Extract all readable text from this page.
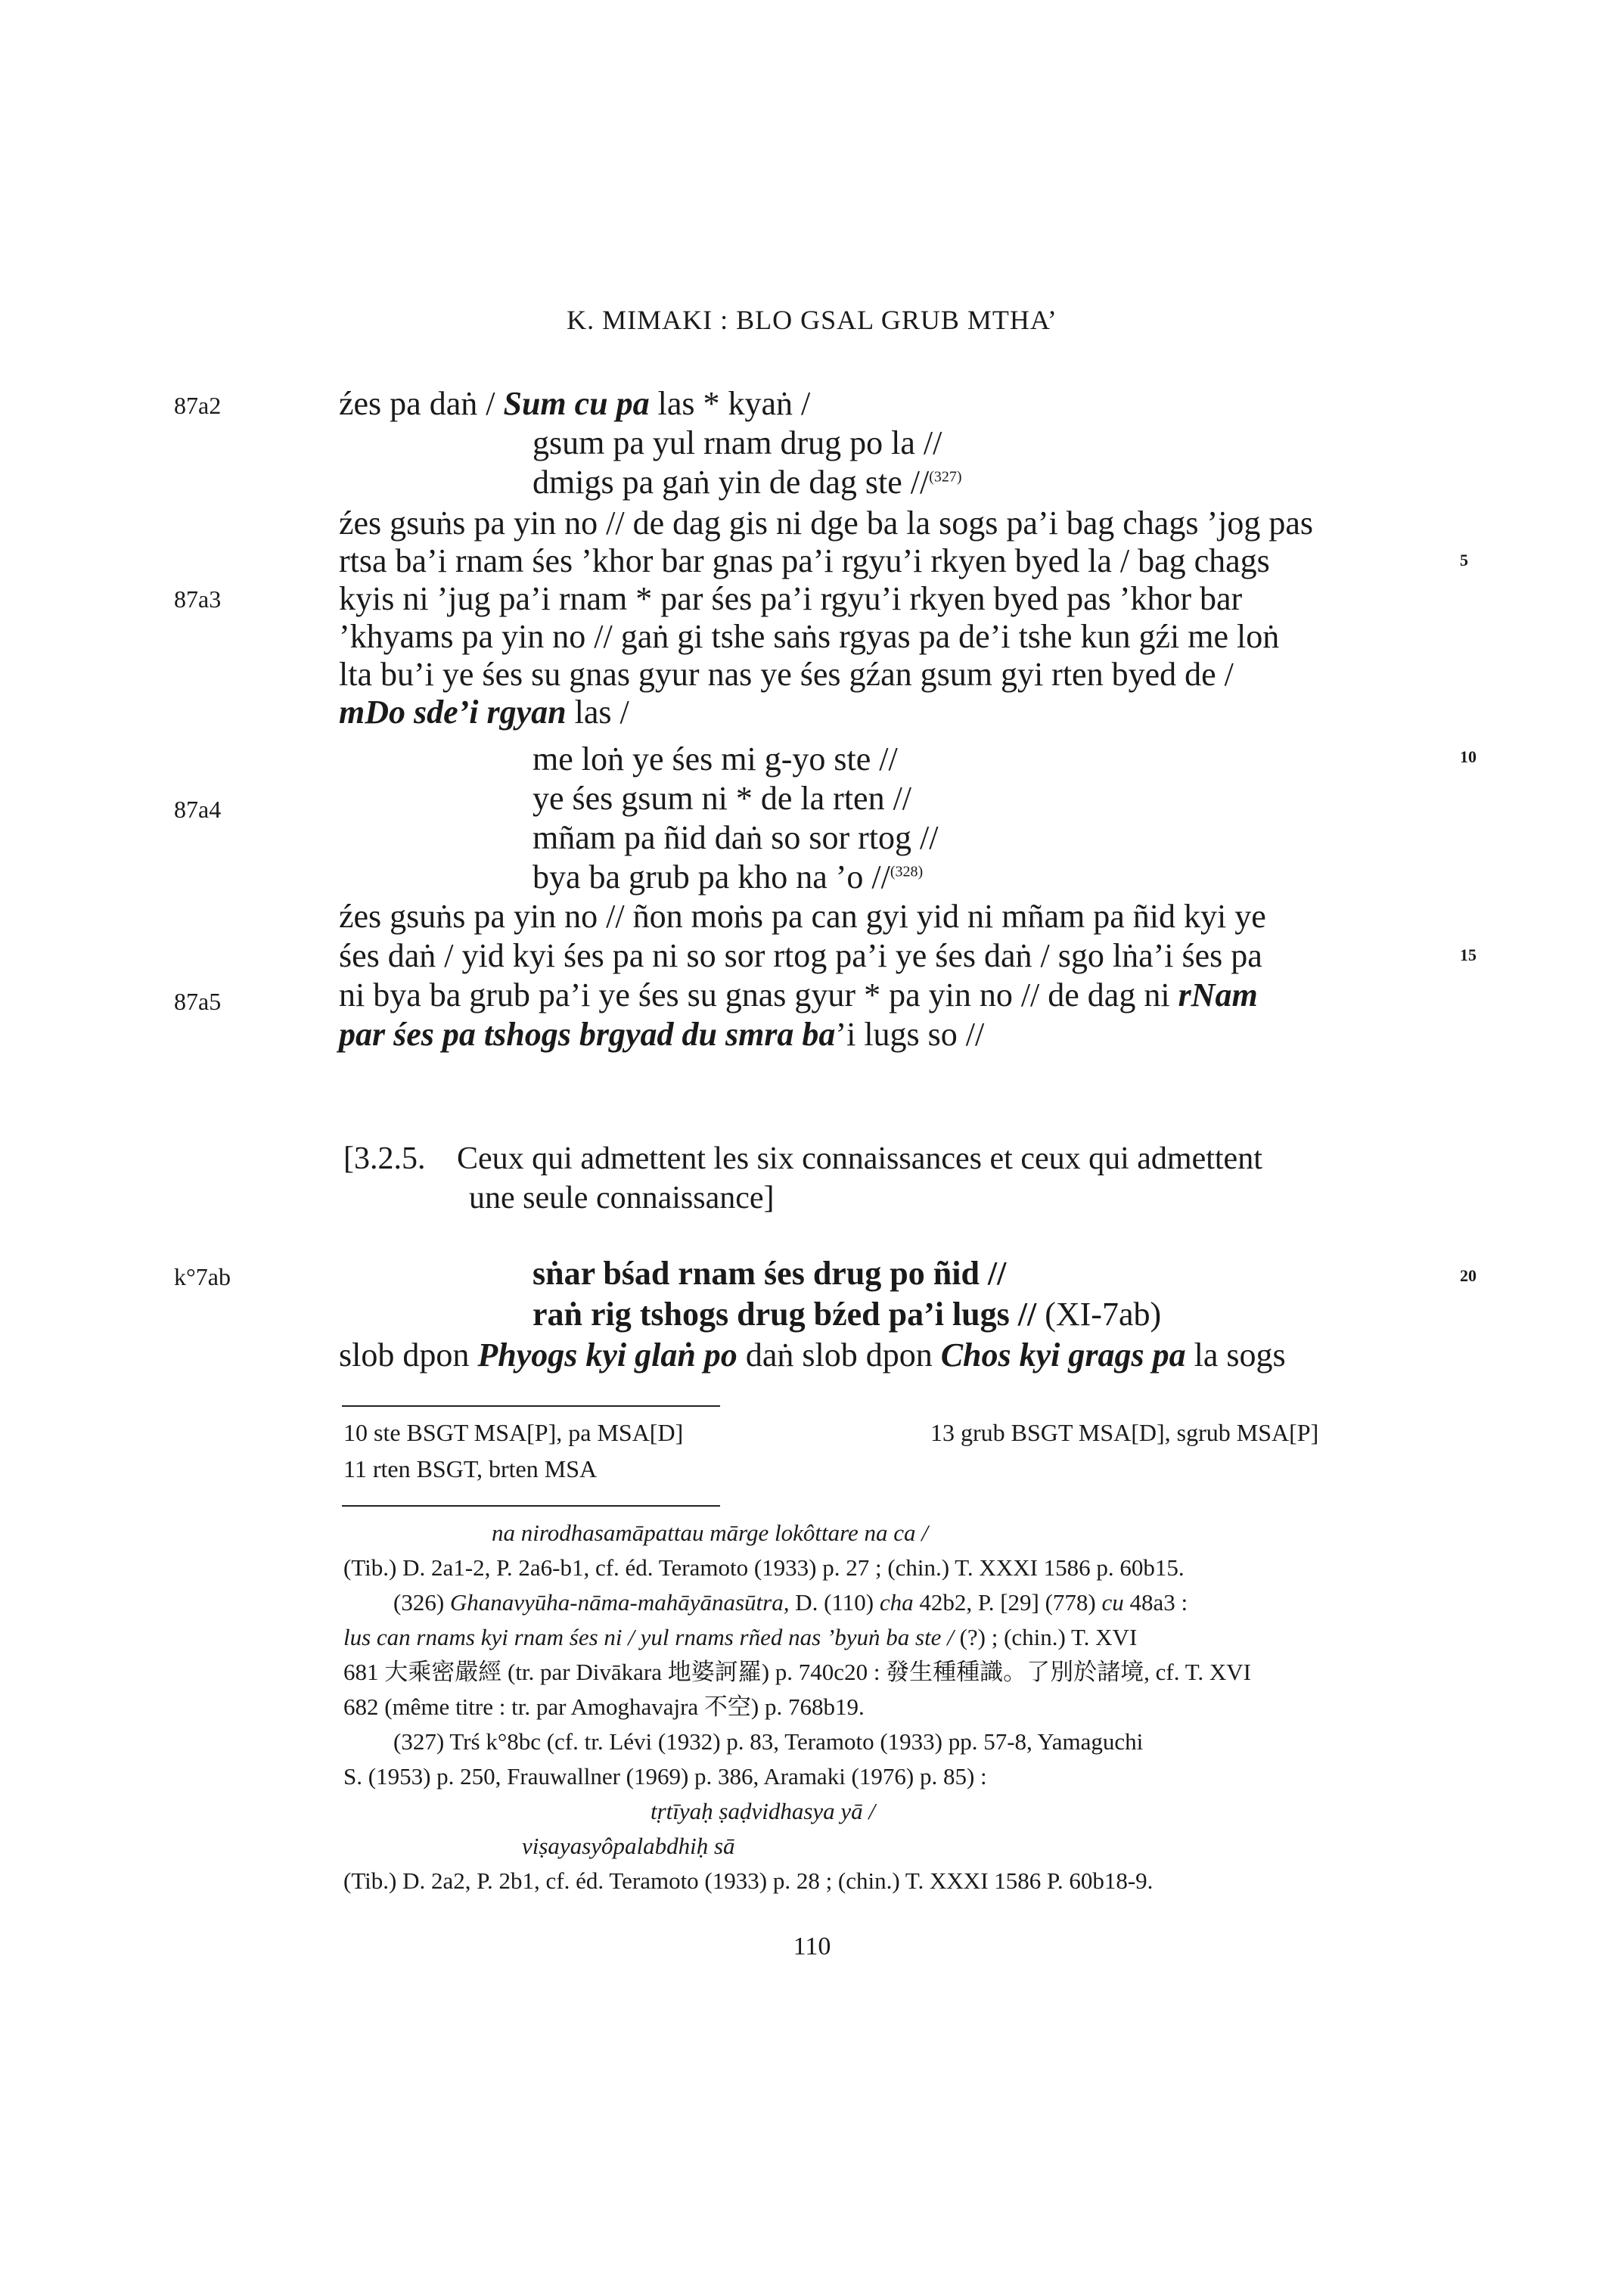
K. MIMAKI : BLO GSAL GRUB MTHA’
87a2
87a3
87a4
87a5
k°7ab
5
10
15
20
źes pa daṅ / Sum cu pa las * kyaṅ /
gsum pa yul rnam drug po la //
dmigs pa gaṅ yin de dag ste //$^{(327)}$
źes gsuṅs pa yin no // de dag gis ni dge ba la sogs pa’i bag chags ’jog pas
rtsa ba’i rnam śes ’khor bar gnas pa’i rgyu’i rkyen byed la / bag chags
kyis ni ’jug pa’i rnam * par śes pa’i rgyu’i rkyen byed pas ’khor bar
’khyams pa yin no // gaṅ gi tshe saṅs rgyas pa de’i tshe kun gźi me loṅ
lta bu’i ye śes su gnas gyur nas ye śes gźan gsum gyi rten byed de /
mDo sde’i rgyan las /
me loṅ ye śes mi g-yo ste //
ye śes gsum ni * de la rten //
mñam pa ñid daṅ so sor rtog //
bya ba grub pa kho na ’o //$^{(328)}$
źes gsuṅs pa yin no // ñon moṅs pa can gyi yid ni mñam pa ñid kyi ye
śes daṅ / yid kyi śes pa ni so sor rtog pa’i ye śes daṅ / sgo lṅa’i śes pa
ni bya ba grub pa’i ye śes su gnas gyur * pa yin no // de dag ni rNam
par śes pa tshogs brgyad du smra ba’i lugs so //
[3.2.5. Ceux qui admettent les six connaissances et ceux qui admettent
une seule connaissance]
sṅar bśad rnam śes drug po ñid //
raṅ rig tshogs drug bźed pa’i lugs // (XI-7ab)
slob dpon Phyogs kyi glaṅ po daṅ slob dpon Chos kyi grags pa la sogs
10 ste BSGT MSA[P], pa MSA[D]	13 grub BSGT MSA[D], sgrub MSA[P]
11 rten BSGT, brten MSA
na nirodhasamāpattau mārge lokôttare na ca /
(Tib.) D. 2a1-2, P. 2a6-b1, cf. éd. Teramoto (1933) p. 27 ; (chin.) T. XXXI 1586 p. 60b15.
(326) Ghanavyūha-nāma-mahāyānasūtra, D. (110) cha 42b2, P. [29] (778) cu 48a3 :
lus can rnams kyi rnam śes ni / yul rnams rñed nas ’byuṅ ba ste / (?) ; (chin.) T. XVI
681 大乘密嚴經 (tr. par Divākara 地婆訶羅) p. 740c20 : 發生種種識。了別於諸境, cf. T. XVI
682 (même titre : tr. par Amoghavajra 不空) p. 768b19.
(327) Trś k°8bc (cf. tr. Lévi (1932) p. 83, Teramoto (1933) pp. 57-8, Yamaguchi
S. (1953) p. 250, Frauwallner (1969) p. 386, Aramaki (1976) p. 85) :
tṛtīyaḥ ṣaḍvidhasya yā /
viṣayasyôpalabdhiḥ sā
(Tib.) D. 2a2, P. 2b1, cf. éd. Teramoto (1933) p. 28 ; (chin.) T. XXXI 1586 P. 60b18-9.
110
